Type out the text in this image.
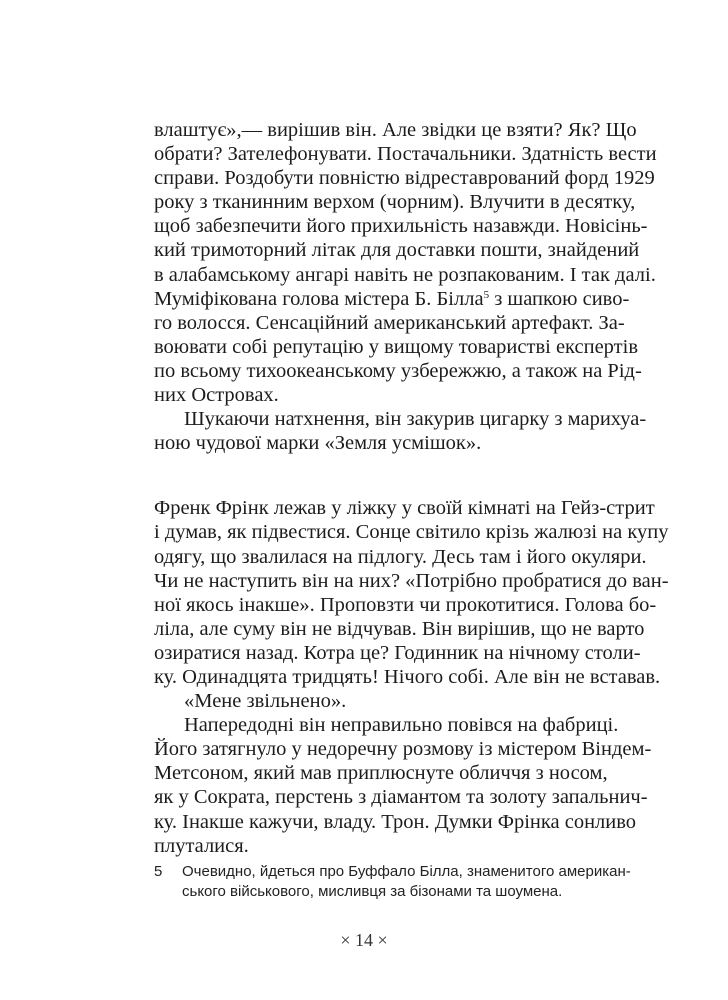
влаштує»,— вирішив він. Але звідки це взяти? Як? Що
обрати? Зателефонувати. Постачальники. Здатність вести
справи. Роздобути повністю відреставрований форд 1929
року з тканинним верхом (чорним). Влучити в десятку,
щоб забезпечити його прихильність назавжди. Новісінь-
кий тримоторний літак для доставки пошти, знайдений
в алабамському ангарі навіть не розпакованим. І так далі.
Муміфікована голова містера Б. Білла$^5$ з шапкою сиво-
го волосся. Сенсаційний американський артефакт. За-
воювати собі репутацію у вищому товаристві експертів
по всьому тихоокеанському узбережжю, а також на Рід-
них Островах.
Шукаючи натхнення, він закурив цигарку з марихуа-
ною чудової марки «Земля усмішок».
Френк Фрінк лежав у ліжку у своїй кімнаті на Гейз-стрит
і думав, як підвестися. Сонце світило крізь жалюзі на купу
одягу, що звалилася на підлогу. Десь там і його окуляри.
Чи не наступить він на них? «Потрібно пробратися до ван-
ної якось інакше». Проповзти чи прокотитися. Голова бо-
ліла, але суму він не відчував. Він вирішив, що не варто
озиратися назад. Котра це? Годинник на нічному столи-
ку. Одинадцята тридцять! Нічого собі. Але він не вставав.
«Мене звільнено».
Напередодні він неправильно повівся на фабриці.
Його затягнуло у недоречну розмову із містером Віндем-
Метсоном, який мав приплюснуте обличчя з носом,
як у Сократа, перстень з діамантом та золоту запальнич-
ку. Інакше кажучи, владу. Трон. Думки Фрінка сонливо
плуталися.
5 Очевидно, йдеться про Буффало Білла, знаменитого американ-
ського військового, мисливця за бізонами та шоумена.
× 14 ×
